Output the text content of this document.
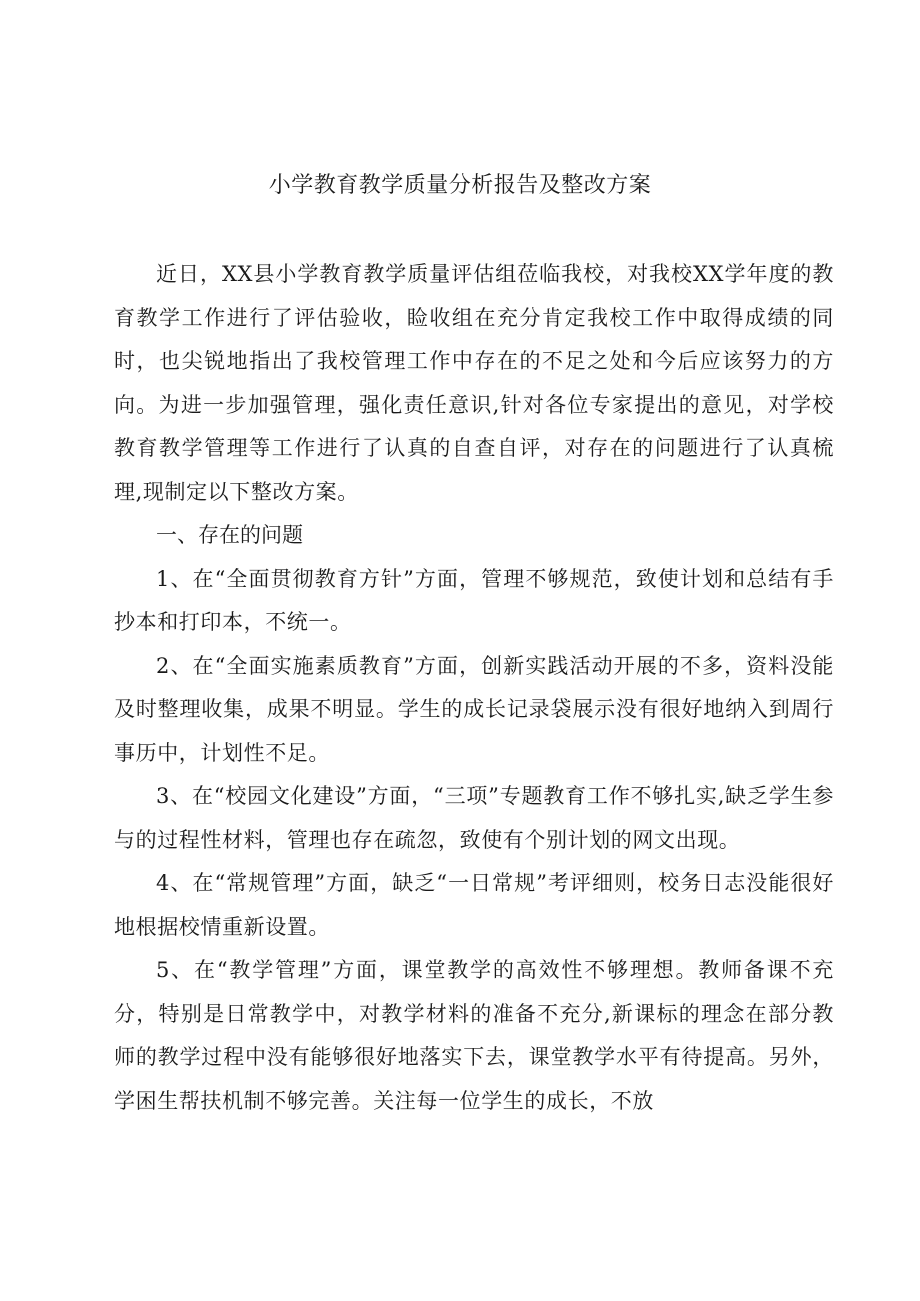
小学教育教学质量分析报告及整改方案

近日，XX县小学教育教学质量评估组莅临我校，对我校XX学年度的教育教学工作进行了评估验收，睑收组在充分肯定我校工作中取得成绩的同时，也尖锐地指出了我校管理工作中存在的不足之处和今后应该努力的方向。为进一步加强管理，强化责任意识,针对各位专家提出的意见，对学校教育教学管理等工作进行了认真的自查自评，对存在的问题进行了认真梳理,现制定以下整改方案。

一、存在的问题

1、在“全面贯彻教育方针”方面，管理不够规范，致使计划和总结有手抄本和打印本，不统一。

2、在“全面实施素质教育”方面，创新实践活动开展的不多，资料没能及时整理收集，成果不明显。学生的成长记录袋展示没有很好地纳入到周行事历中，计划性不足。

3、在“校园文化建设”方面，“三项”专题教育工作不够扎实,缺乏学生参与的过程性材料，管理也存在疏忽，致使有个别计划的网文出现。

4、在“常规管理”方面，缺乏“一日常规”考评细则，校务日志没能很好地根据校情重新设置。

5、在“教学管理”方面，课堂教学的高效性不够理想。教师备课不充分，特别是日常教学中，对教学材料的准备不充分,新课标的理念在部分教师的教学过程中没有能够很好地落实下去，课堂教学水平有待提高。另外，学困生帮扶机制不够完善。关注每一位学生的成长，不放
